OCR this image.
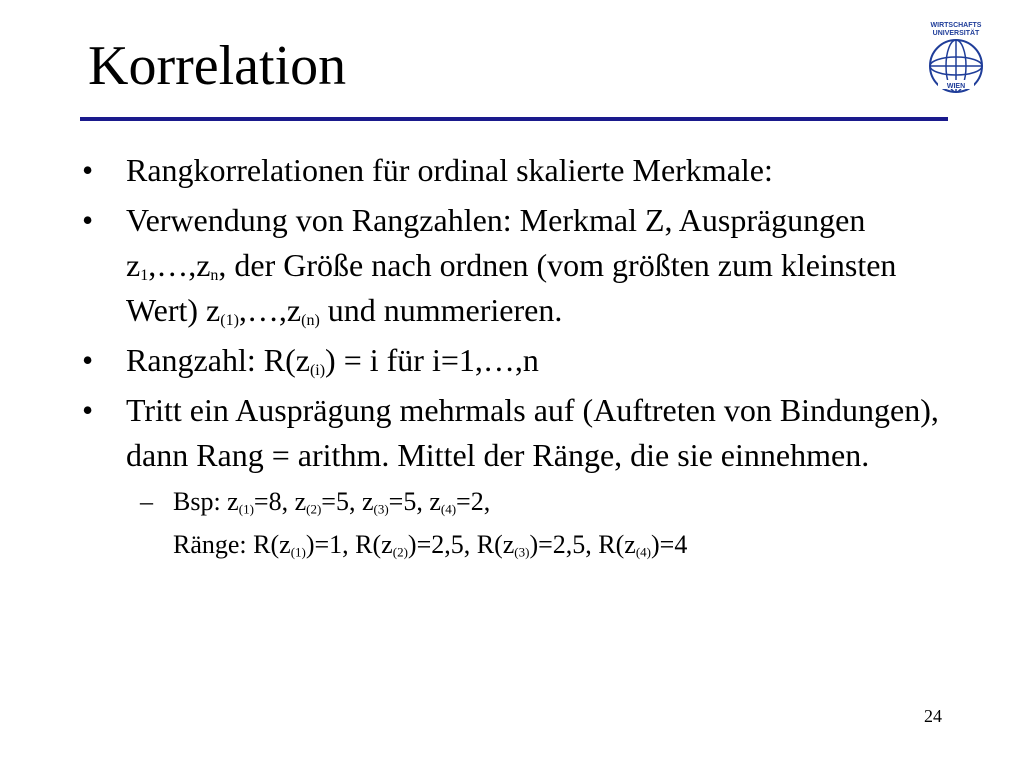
Korrelation
WIRTSCHAFTS
UNIVERSITÄT
WIEN
•	Rangkorrelationen für ordinal skalierte Merkmale:
•	Verwendung von Rangzahlen: Merkmal Z, Ausprägungen $z_1,\dots,z_n$, der Größe nach ordnen (vom größten zum kleinsten Wert) $z_{(1)},\dots,z_{(n)}$ und nummerieren.
•	Rangzahl: $R(z_{(i)}) = i$ für i=1,…,n
•	Tritt ein Ausprägung mehrmals auf (Auftreten von Bindungen), dann Rang = arithm. Mittel der Ränge, die sie einnehmen.
– Bsp: $z_{(1)}=8$, $z_{(2)}=5$, $z_{(3)}=5$, $z_{(4)}=2$,
Ränge: $R(z_{(1)})=1$, $R(z_{(2)})=2,5$, $R(z_{(3)})=2,5$, $R(z_{(4)})=4$
24
